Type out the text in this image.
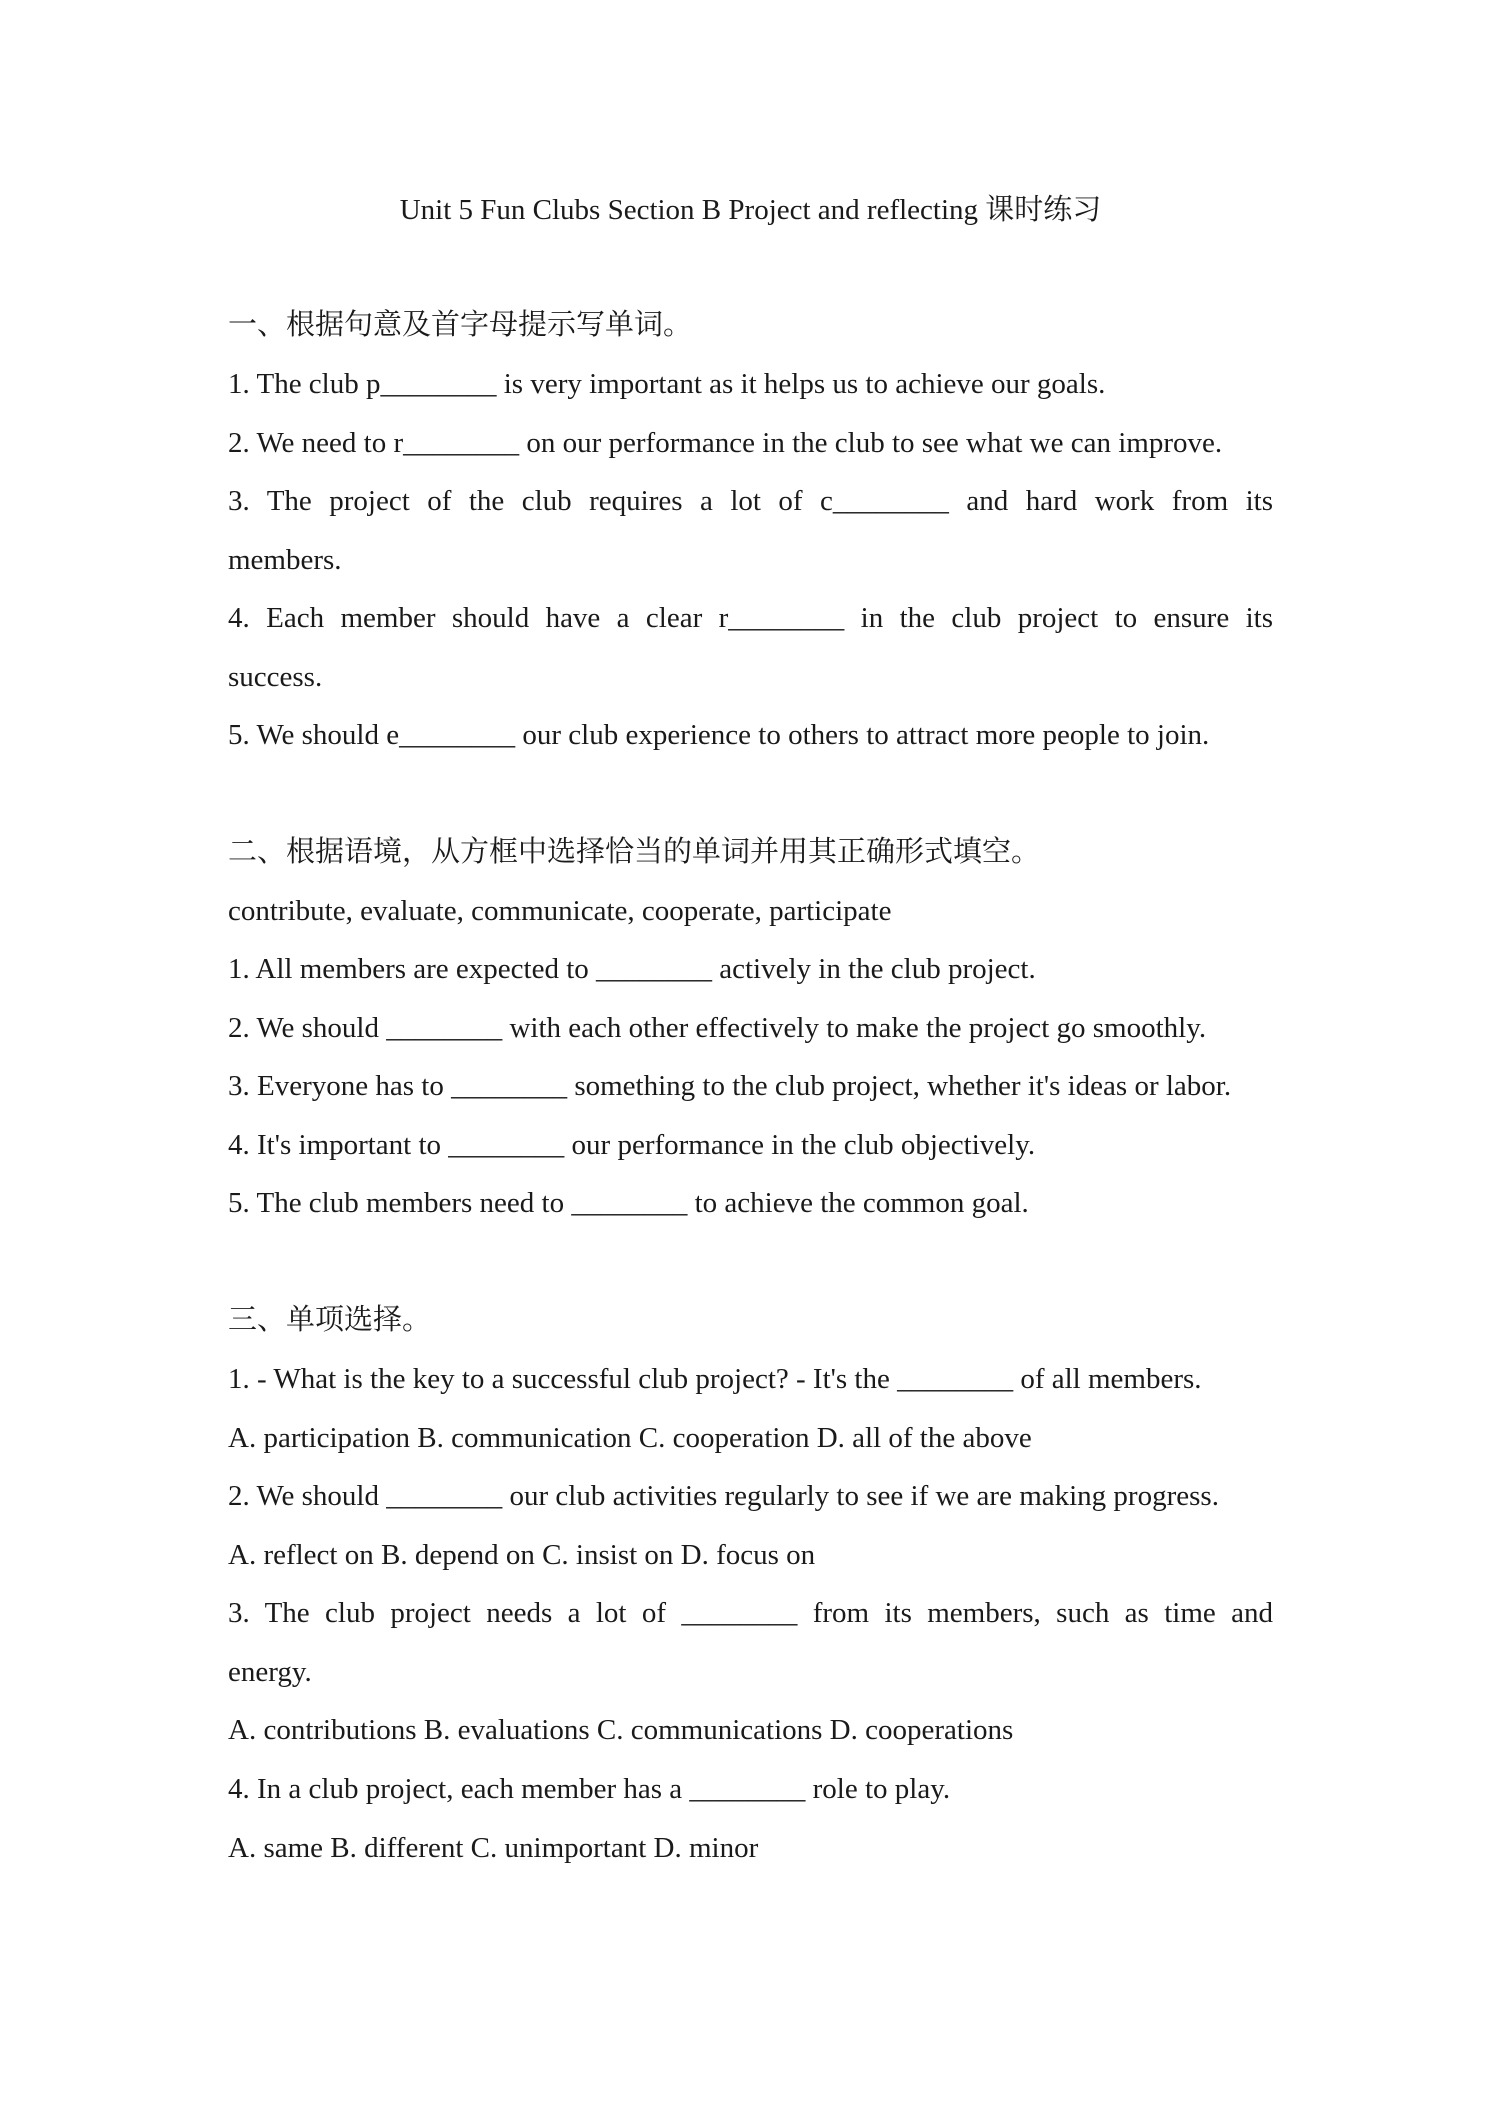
Unit 5 Fun Clubs Section B Project and reflecting 课时练习
一、根据句意及首字母提示写单词。
1. The club p________ is very important as it helps us to achieve our goals.
2. We need to r________ on our performance in the club to see what we can improve.
3. The project of the club requires a lot of c________ and hard work from its
members.
4. Each member should have a clear r________ in the club project to ensure its
success.
5. We should e________ our club experience to others to attract more people to join.
二、根据语境，从方框中选择恰当的单词并用其正确形式填空。
contribute, evaluate, communicate, cooperate, participate
1. All members are expected to ________ actively in the club project.
2. We should ________ with each other effectively to make the project go smoothly.
3. Everyone has to ________ something to the club project, whether it's ideas or labor.
4. It's important to ________ our performance in the club objectively.
5. The club members need to ________ to achieve the common goal.
三、单项选择。
1. - What is the key to a successful club project? - It's the ________ of all members.
A. participation B. communication C. cooperation D. all of the above
2. We should ________ our club activities regularly to see if we are making progress.
A. reflect on B. depend on C. insist on D. focus on
3. The club project needs a lot of ________ from its members, such as time and
energy.
A. contributions B. evaluations C. communications D. cooperations
4. In a club project, each member has a ________ role to play.
A. same B. different C. unimportant D. minor
